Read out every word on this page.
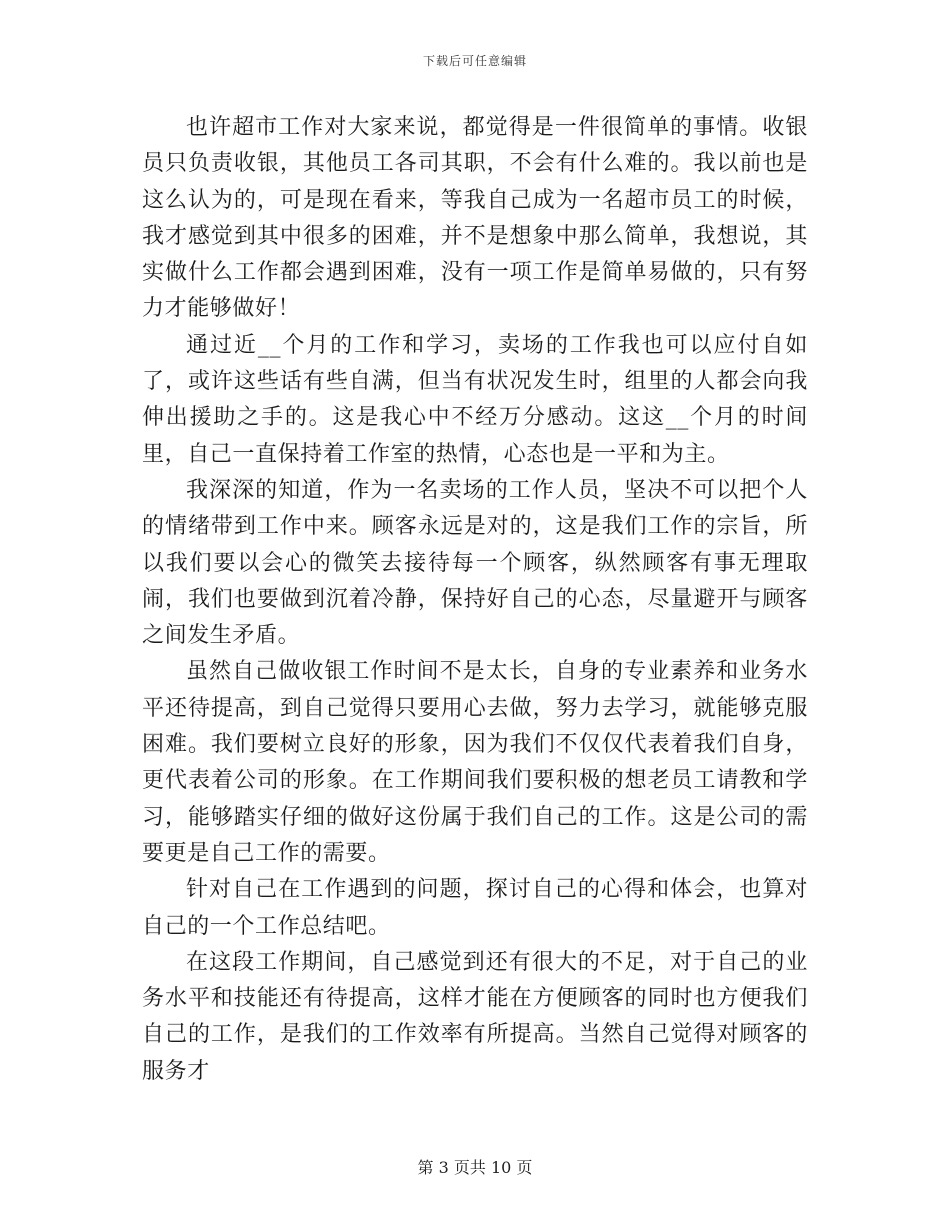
下载后可任意编辑

也许超市工作对大家来说，都觉得是一件很简单的事情。收银员只负责收银，其他员工各司其职，不会有什么难的。我以前也是这么认为的，可是现在看来，等我自己成为一名超市员工的时候，我才感觉到其中很多的困难，并不是想象中那么简单，我想说，其实做什么工作都会遇到困难，没有一项工作是简单易做的，只有努力才能够做好！

通过近__个月的工作和学习，卖场的工作我也可以应付自如了，或许这些话有些自满，但当有状况发生时，组里的人都会向我伸出援助之手的。这是我心中不经万分感动。这这__个月的时间里，自己一直保持着工作室的热情，心态也是一平和为主。

我深深的知道，作为一名卖场的工作人员，坚决不可以把个人的情绪带到工作中来。顾客永远是对的，这是我们工作的宗旨，所以我们要以会心的微笑去接待每一个顾客，纵然顾客有事无理取闹，我们也要做到沉着冷静，保持好自己的心态，尽量避开与顾客之间发生矛盾。

虽然自己做收银工作时间不是太长，自身的专业素养和业务水平还待提高，到自己觉得只要用心去做，努力去学习，就能够克服困难。我们要树立良好的形象，因为我们不仅仅代表着我们自身，更代表着公司的形象。在工作期间我们要积极的想老员工请教和学习，能够踏实仔细的做好这份属于我们自己的工作。这是公司的需要更是自己工作的需要。

针对自己在工作遇到的问题，探讨自己的心得和体会，也算对自己的一个工作总结吧。

在这段工作期间，自己感觉到还有很大的不足，对于自己的业务水平和技能还有待提高，这样才能在方便顾客的同时也方便我们自己的工作，是我们的工作效率有所提高。当然自己觉得对顾客的服务才

第 3 页共 10 页
